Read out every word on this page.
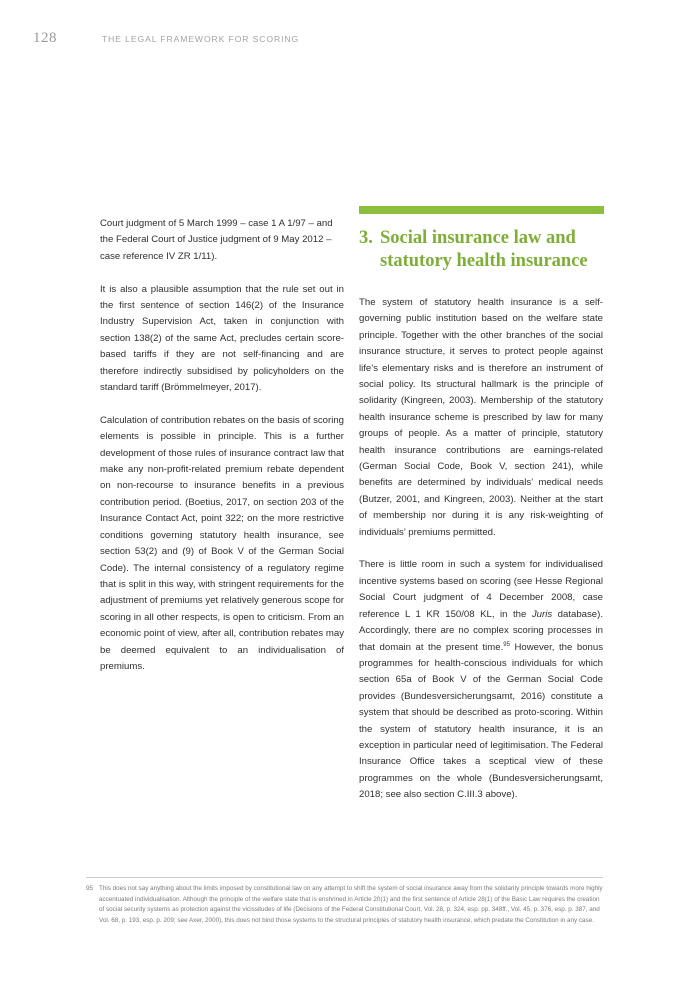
128	THE LEGAL FRAMEWORK FOR SCORING

Court judgment of 5 March 1999 – case 1 A 1/97 – and the Federal Court of Justice judgment of 9 May 2012 – case reference IV ZR 1/11).

It is also a plausible assumption that the rule set out in the first sentence of section 146(2) of the Insurance Industry Supervision Act, taken in conjunction with section 138(2) of the same Act, precludes certain score-based tariffs if they are not self-financing and are therefore indirectly subsidised by policyholders on the standard tariff (Brömmelmeyer, 2017).

Calculation of contribution rebates on the basis of scoring elements is possible in principle. This is a further development of those rules of insurance contract law that make any non-profit-related premium rebate dependent on non-recourse to insurance benefits in a previous contribution period. (Boetius, 2017, on section 203 of the Insurance Contact Act, point 322; on the more restrictive conditions governing statutory health insurance, see section 53(2) and (9) of Book V of the German Social Code). The internal consistency of a regulatory regime that is split in this way, with stringent requirements for the adjustment of premiums yet relatively generous scope for scoring in all other respects, is open to criticism. From an economic point of view, after all, contribution rebates may be deemed equivalent to an individualisation of premiums.

3. Social insurance law and statutory health insurance

The system of statutory health insurance is a self-governing public institution based on the welfare state principle. Together with the other branches of the social insurance structure, it serves to protect people against life’s elementary risks and is therefore an instrument of social policy. Its structural hallmark is the principle of solidarity (Kingreen, 2003). Membership of the statutory health insurance scheme is prescribed by law for many groups of people. As a matter of principle, statutory health insurance contributions are earnings-related (German Social Code, Book V, section 241), while benefits are determined by individuals’ medical needs (Butzer, 2001, and Kingreen, 2003). Neither at the start of membership nor during it is any risk-weighting of individuals’ premiums permitted.

There is little room in such a system for individualised incentive systems based on scoring (see Hesse Regional Social Court judgment of 4 December 2008, case reference L 1 KR 150/08 KL, in the Juris database). Accordingly, there are no complex scoring processes in that domain at the present time.$^{95}$ However, the bonus programmes for health-conscious individuals for which section 65a of Book V of the German Social Code provides (Bundesversicherungsamt, 2016) constitute a system that should be described as proto-scoring. Within the system of statutory health insurance, it is an exception in particular need of legitimisation. The Federal Insurance Office takes a sceptical view of these programmes on the whole (Bundesversicherungsamt, 2018; see also section C.III.3 above).

95 This does not say anything about the limits imposed by constitutional law on any attempt to shift the system of social insurance away from the solidarity principle towards more highly accentuated individualisation. Although the principle of the welfare state that is enshrined in Article 20(1) and the first sentence of Article 28(1) of the Basic Law requires the creation of social security systems as protection against the vicissitudes of life (Decisions of the Federal Constitutional Court, Vol. 28, p. 324, esp. pp. 348ff., Vol. 45, p. 376, esp. p. 387, and Vol. 68, p. 193, esp. p. 209; see Axer, 2000), this does not bind those systems to the structural principles of statutory health insurance, which predate the Constitution in any case.
